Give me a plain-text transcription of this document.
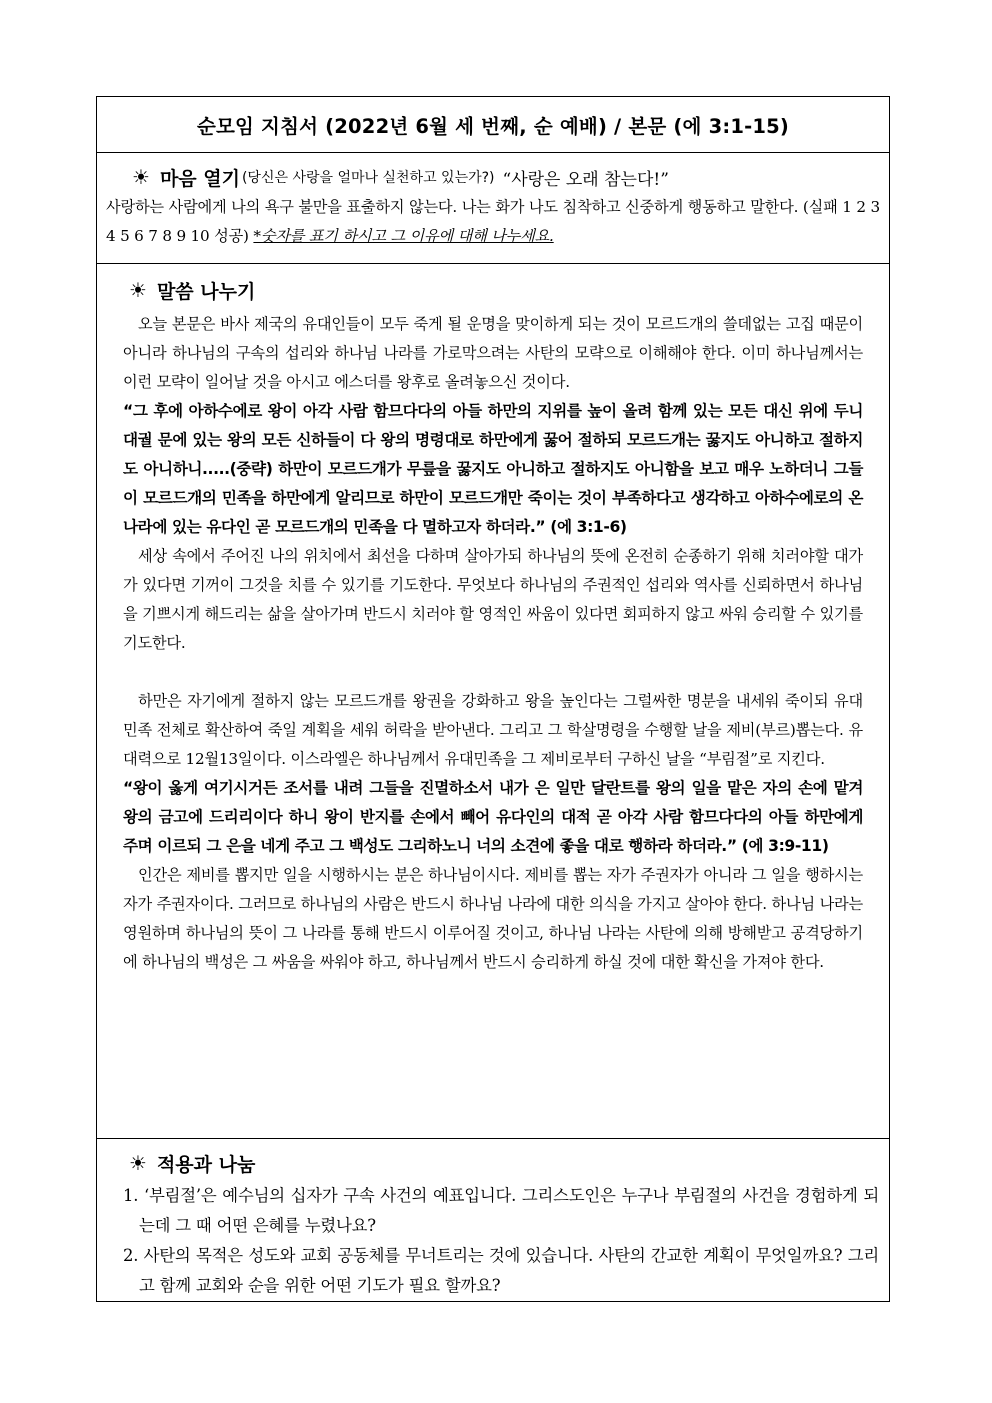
순모임 지침서 (2022년 6월 세 번째, 순 예배) / 본문 (에 3:1-15)
☀ 마음 열기 (당신은 사랑을 얼마나 실천하고 있는가?) “사랑은 오래 참는다!”
사랑하는 사람에게 나의 욕구 불만을 표출하지 않는다. 나는 화가 나도 침착하고 신중하게 행동하고 말한다. (실패 1 2 3 4 5 6 7 8 9 10 성공) *숫자를 표기 하시고 그 이유에 대해 나누세요.
☀ 말씀 나누기
오늘 본문은 바사 제국의 유대인들이 모두 죽게 될 운명을 맞이하게 되는 것이 모르드개의 쓸데없는 고집 때문이 아니라 하나님의 구속의 섭리와 하나님 나라를 가로막으려는 사탄의 모략으로 이해해야 한다. 이미 하나님께서는 이런 모략이 일어날 것을 아시고 에스더를 왕후로 올려놓으신 것이다.
“그 후에 아하수에로 왕이 아각 사람 함므다다의 아들 하만의 지위를 높이 올려 함께 있는 모든 대신 위에 두니 대궐 문에 있는 왕의 모든 신하들이 다 왕의 명령대로 하만에게 꿇어 절하되 모르드개는 꿇지도 아니하고 절하지도 아니하니.....(중략) 하만이 모르드개가 무릎을 꿇지도 아니하고 절하지도 아니함을 보고 매우 노하더니 그들이 모르드개의 민족을 하만에게 알리므로 하만이 모르드개만 죽이는 것이 부족하다고 생각하고 아하수에로의 온 나라에 있는 유다인 곧 모르드개의 민족을 다 멸하고자 하더라.” (에 3:1-6)
세상 속에서 주어진 나의 위치에서 최선을 다하며 살아가되 하나님의 뜻에 온전히 순종하기 위해 치러야할 대가가 있다면 기꺼이 그것을 치를 수 있기를 기도한다. 무엇보다 하나님의 주권적인 섭리와 역사를 신뢰하면서 하나님을 기쁘시게 해드리는 삶을 살아가며 반드시 치러야 할 영적인 싸움이 있다면 회피하지 않고 싸워 승리할 수 있기를 기도한다.
하만은 자기에게 절하지 않는 모르드개를 왕권을 강화하고 왕을 높인다는 그럴싸한 명분을 내세워 죽이되 유대 민족 전체로 확산하여 죽일 계획을 세워 허락을 받아낸다. 그리고 그 학살명령을 수행할 날을 제비(부르)뽑는다. 유대력으로 12월13일이다. 이스라엘은 하나님께서 유대민족을 그 제비로부터 구하신 날을 “부림절”로 지킨다.
“왕이 옳게 여기시거든 조서를 내려 그들을 진멸하소서 내가 은 일만 달란트를 왕의 일을 맡은 자의 손에 맡겨 왕의 금고에 드리리이다 하니 왕이 반지를 손에서 빼어 유다인의 대적 곧 아각 사람 함므다다의 아들 하만에게 주며 이르되 그 은을 네게 주고 그 백성도 그리하노니 너의 소견에 좋을 대로 행하라 하더라.” (에 3:9-11)
인간은 제비를 뽑지만 일을 시행하시는 분은 하나님이시다. 제비를 뽑는 자가 주권자가 아니라 그 일을 행하시는 자가 주권자이다. 그러므로 하나님의 사람은 반드시 하나님 나라에 대한 의식을 가지고 살아야 한다. 하나님 나라는 영원하며 하나님의 뜻이 그 나라를 통해 반드시 이루어질 것이고, 하나님 나라는 사탄에 의해 방해받고 공격당하기에 하나님의 백성은 그 싸움을 싸워야 하고, 하나님께서 반드시 승리하게 하실 것에 대한 확신을 가져야 한다.
☀ 적용과 나눔
1. ‘부림절’은 예수님의 십자가 구속 사건의 예표입니다. 그리스도인은 누구나 부림절의 사건을 경험하게 되는데 그 때 어떤 은혜를 누렸나요?
2. 사탄의 목적은 성도와 교회 공동체를 무너트리는 것에 있습니다. 사탄의 간교한 계획이 무엇일까요? 그리고 함께 교회와 순을 위한 어떤 기도가 필요 할까요?
